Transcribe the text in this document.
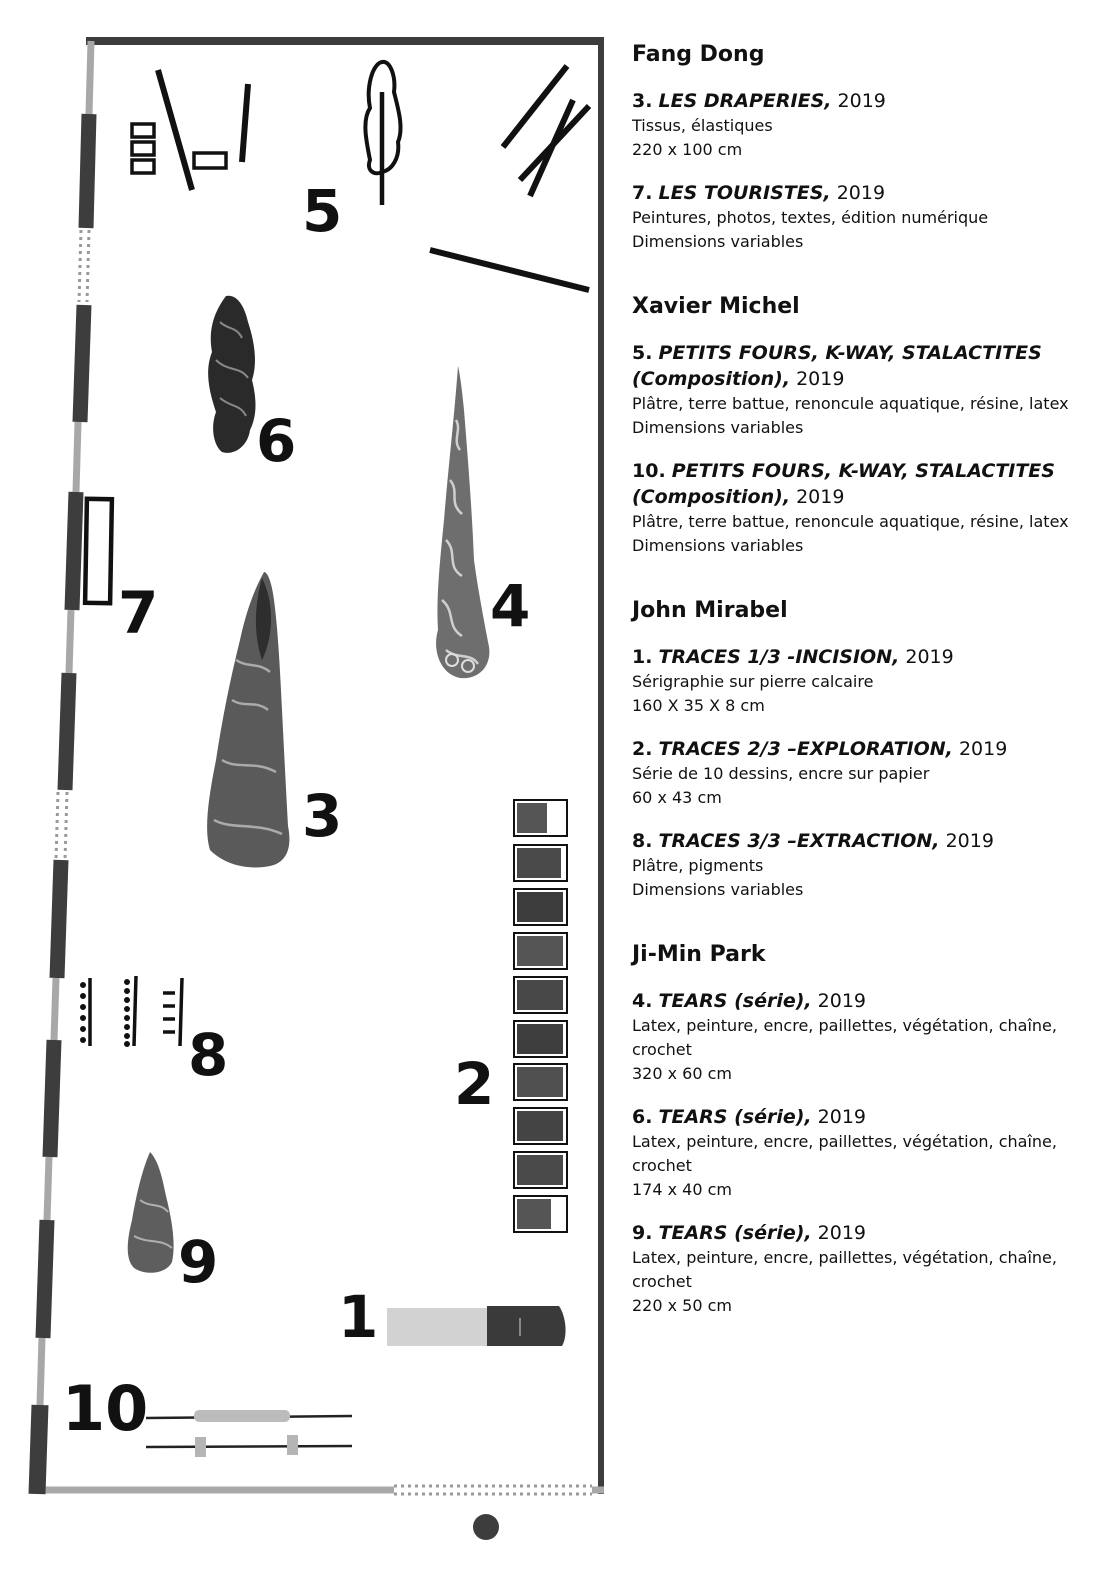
5
6
7	4
3
8	2
9
1
10
Fang Dong
3. LES DRAPERIES, 2019
Tissus, élastiques
220 x 100 cm
7. LES TOURISTES, 2019
Peintures, photos, textes, édition numérique
Dimensions variables
Xavier Michel
5. PETITS FOURS, K-WAY, STALACTITES (Composition), 2019
Plâtre, terre battue, renoncule aquatique, résine, latex
Dimensions variables
10. PETITS FOURS, K-WAY, STALACTITES (Composition), 2019
Plâtre, terre battue, renoncule aquatique, résine, latex
Dimensions variables
John Mirabel
1. TRACES 1/3 -INCISION, 2019
Sérigraphie sur pierre calcaire
160 X 35 X 8 cm
2. TRACES 2/3 –EXPLORATION, 2019
Série de 10 dessins, encre sur papier
60 x 43 cm
8. TRACES 3/3 –EXTRACTION, 2019
Plâtre, pigments
Dimensions variables
Ji-Min Park
4. TEARS (série), 2019
Latex, peinture, encre, paillettes, végétation, chaîne, crochet
320 x 60 cm
6. TEARS (série), 2019
Latex, peinture, encre, paillettes, végétation, chaîne, crochet
174 x 40 cm
9. TEARS (série), 2019
Latex, peinture, encre, paillettes, végétation, chaîne, crochet
220 x 50 cm
